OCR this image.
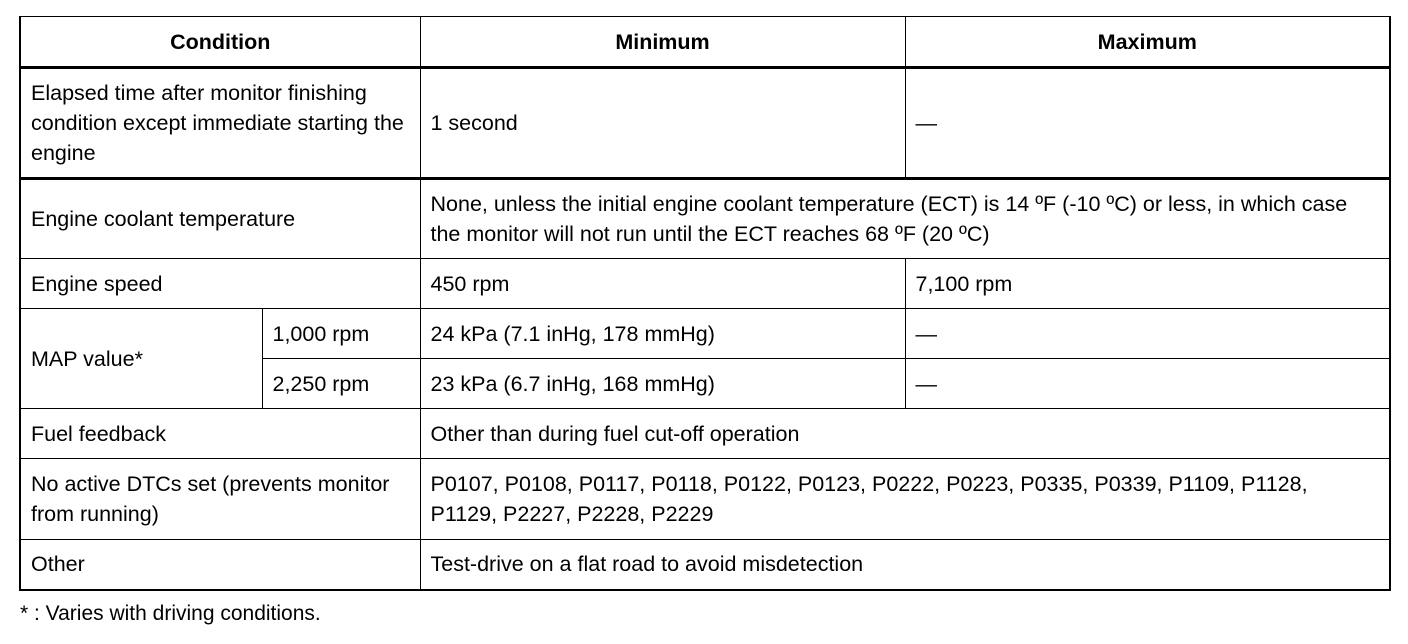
Condition		Minimum	Maximum
Elapsed time after monitor finishing condition except immediate starting the engine		1 second	—
Engine coolant temperature		None, unless the initial engine coolant temperature (ECT) is 14 ºF (-10 ºC) or less, in which case the monitor will not run until the ECT reaches 68 ºF (20 ºC)	
Engine speed		450 rpm	7,100 rpm
MAP value*	1,000 rpm	24 kPa (7.1 inHg, 178 mmHg)	—
	2,250 rpm	23 kPa (6.7 inHg, 168 mmHg)	—
Fuel feedback		Other than during fuel cut-off operation	
No active DTCs set (prevents monitor from running)		P0107, P0108, P0117, P0118, P0122, P0123, P0222, P0223, P0335, P0339, P1109, P1128, P1129, P2227, P2228, P2229	
Other		Test-drive on a flat road to avoid misdetection	
* : Varies with driving conditions.
